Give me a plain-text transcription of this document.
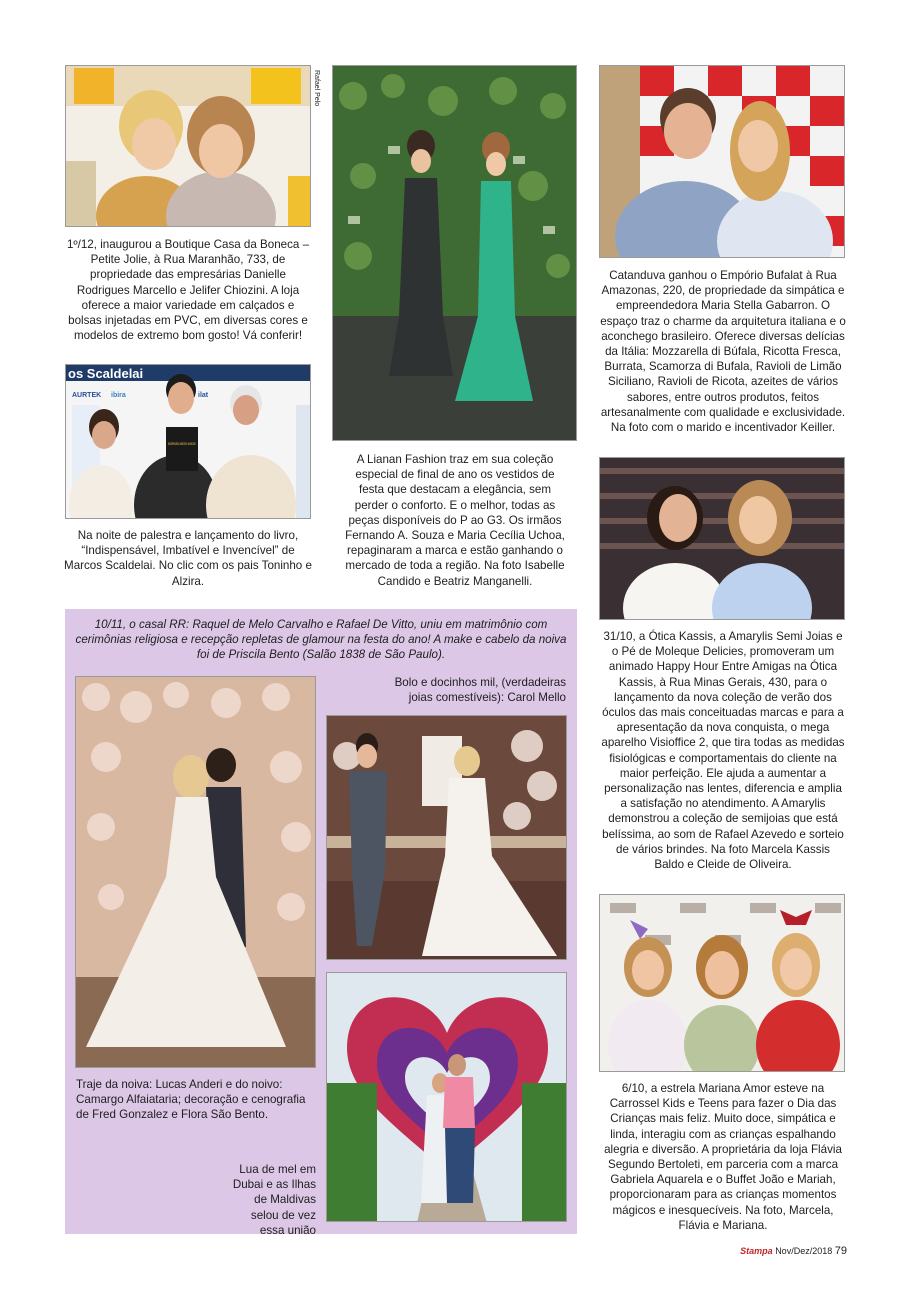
Rafael Pelo
os Scaldelai
AURTEK ibira	ilat
APA
INDISPENSÁVEL IMBATÍVEL INVENCÍVEL
10/11, o casal RR: Raquel de Melo Carvalho e Rafael De Vitto, uniu em matrimônio com cerimônias religiosa e recepção repletas de glamour na festa do ano! A make e cabelo da noiva foi de Priscila Bento (Salão 1838 de São Paulo).
Bolo e docinhos mil, (verdadeiras joias comestíveis): Carol Mello
Traje da noiva: Lucas Anderi e do noivo: Camargo Alfaiataria; decoração e cenografia de Fred Gonzalez e Flora São Bento.
Lua de mel em Dubai e as Ilhas de Maldivas selou de vez essa união
1º/12, inaugurou a Boutique Casa da Boneca – Petite Jolie, à Rua Maranhão, 733, de propriedade das empresárias Danielle Rodrigues Marcello e Jelifer Chiozini. A loja oferece a maior variedade em calçados e bolsas injetadas em PVC, em diversas cores e modelos de extremo bom gosto! Vá conferir!
Na noite de palestra e lançamento do livro, “Indispensável, Imbatível e Invencível” de Marcos Scaldelai. No clic com os pais Toninho e Alzira.
A Lianan Fashion traz em sua coleção especial de final de ano os vestidos de festa que destacam a elegância, sem perder o conforto. E o melhor, todas as peças disponíveis do P ao G3. Os irmãos Fernando A. Souza e Maria Cecília Uchoa, repaginaram a marca e estão ganhando o mercado de toda a região. Na foto Isabelle Candido e Beatriz Manganelli.
Catanduva ganhou o Empório Bufalat à Rua Amazonas, 220, de propriedade da simpática e empreendedora Maria Stella Gabarron. O espaço traz o charme da arquitetura italiana e o aconchego brasileiro. Oferece diversas delícias da Itália: Mozzarella di Búfala, Ricotta Fresca, Burrata, Scamorza di Bufala, Ravioli de Limão Siciliano, Ravioli de Ricota, azeites de vários sabores, entre outros produtos, feitos artesanalmente com qualidade e exclusividade. Na foto com o marido e incentivador Keiller.
31/10, a Ótica Kassis, a Amarylis Semi Joias e o Pé de Moleque Delicies, promoveram um animado Happy Hour Entre Amigas na Ótica Kassis, à Rua Minas Gerais, 430, para o lançamento da nova coleção de verão dos óculos das mais conceituadas marcas e para a apresentação da nova conquista, o mega aparelho Visioffice 2, que tira todas as medidas fisiológicas e comportamentais do cliente na maior perfeição. Ele ajuda a aumentar a personalização nas lentes, diferencia e amplia a satisfação no atendimento. A Amarylis demonstrou a coleção de semijoias que está belíssima, ao som de Rafael Azevedo e sorteio de vários brindes. Na foto Marcela Kassis Baldo e Cleide de Oliveira.
6/10, a estrela Mariana Amor esteve na Carrossel Kids e Teens para fazer o Dia das Crianças mais feliz. Muito doce, simpática e linda, interagiu com as crianças espalhando alegria e diversão. A proprietária da loja Flávia Segundo Bertoleti, em parceria com a marca Gabriela Aquarela e o Buffet João e Mariah, proporcionaram para as crianças momentos mágicos e inesquecíveis. Na foto, Marcela, Flávia e Mariana.
Stampa Nov/Dez/2018 79
